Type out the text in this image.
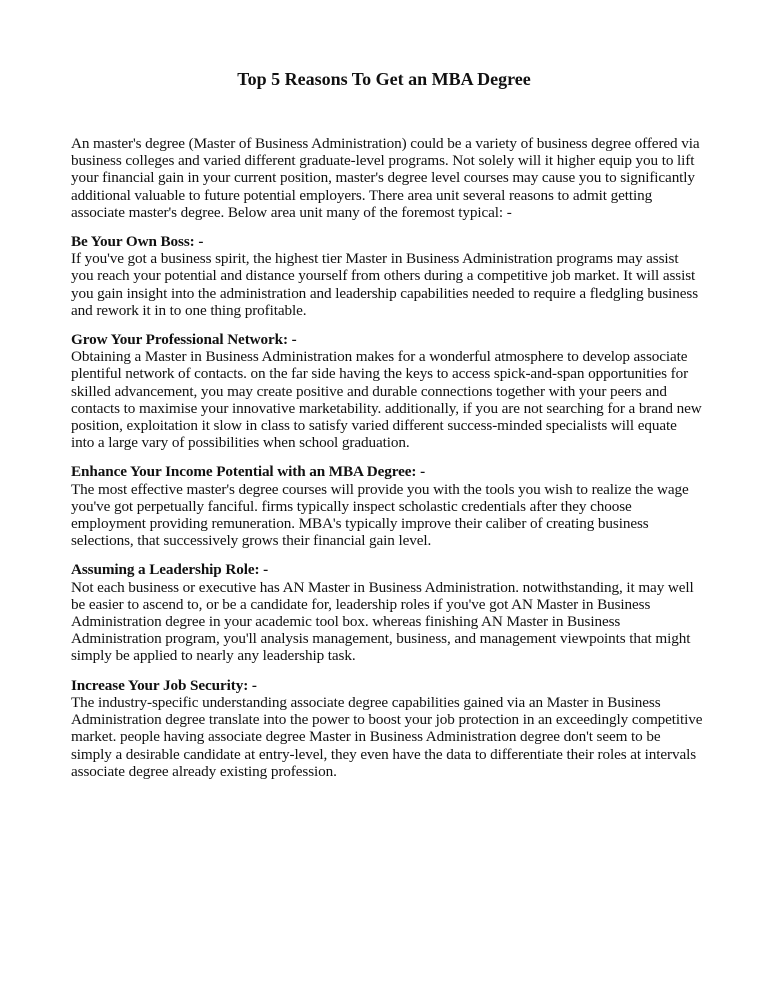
Top 5 Reasons To Get an MBA Degree

An master's degree (Master of Business Administration) could be a variety of business degree offered via business colleges and varied different graduate-level programs. Not solely will it higher equip you to lift your financial gain in your current position, master's degree level courses may cause you to significantly additional valuable to future potential employers. There area unit several reasons to admit getting associate master's degree. Below area unit many of the foremost typical: -

Be Your Own Boss: -

If you've got a business spirit, the highest tier Master in Business Administration programs may assist you reach your potential and distance yourself from others during a competitive job market. It will assist you gain insight into the administration and leadership capabilities needed to require a fledgling business and rework it in to one thing profitable.

Grow Your Professional Network: -

Obtaining a Master in Business Administration makes for a wonderful atmosphere to develop associate plentiful network of contacts. on the far side having the keys to access spick-and-span opportunities for skilled advancement, you may create positive and durable connections together with your peers and contacts to maximise your innovative marketability. additionally, if you are not searching for a brand new position, exploitation it slow in class to satisfy varied different success-minded specialists will equate into a large vary of possibilities when school graduation.

Enhance Your Income Potential with an MBA Degree: -

The most effective master's degree courses will provide you with the tools you wish to realize the wage you've got perpetually fanciful. firms typically inspect scholastic credentials after they choose employment providing remuneration. MBA's typically improve their caliber of creating business selections, that successively grows their financial gain level.

Assuming a Leadership Role: -

Not each business or executive has AN Master in Business Administration. notwithstanding, it may well be easier to ascend to, or be a candidate for, leadership roles if you've got AN Master in Business Administration degree in your academic tool box. whereas finishing AN Master in Business Administration program, you'll analysis management, business, and management viewpoints that might simply be applied to nearly any leadership task.

Increase Your Job Security: -

The industry-specific understanding associate degree capabilities gained via an Master in Business Administration degree translate into the power to boost your job protection in an exceedingly competitive market. people having associate degree Master in Business Administration degree don't seem to be simply a desirable candidate at entry-level, they even have the data to differentiate their roles at intervals associate degree already existing profession.
